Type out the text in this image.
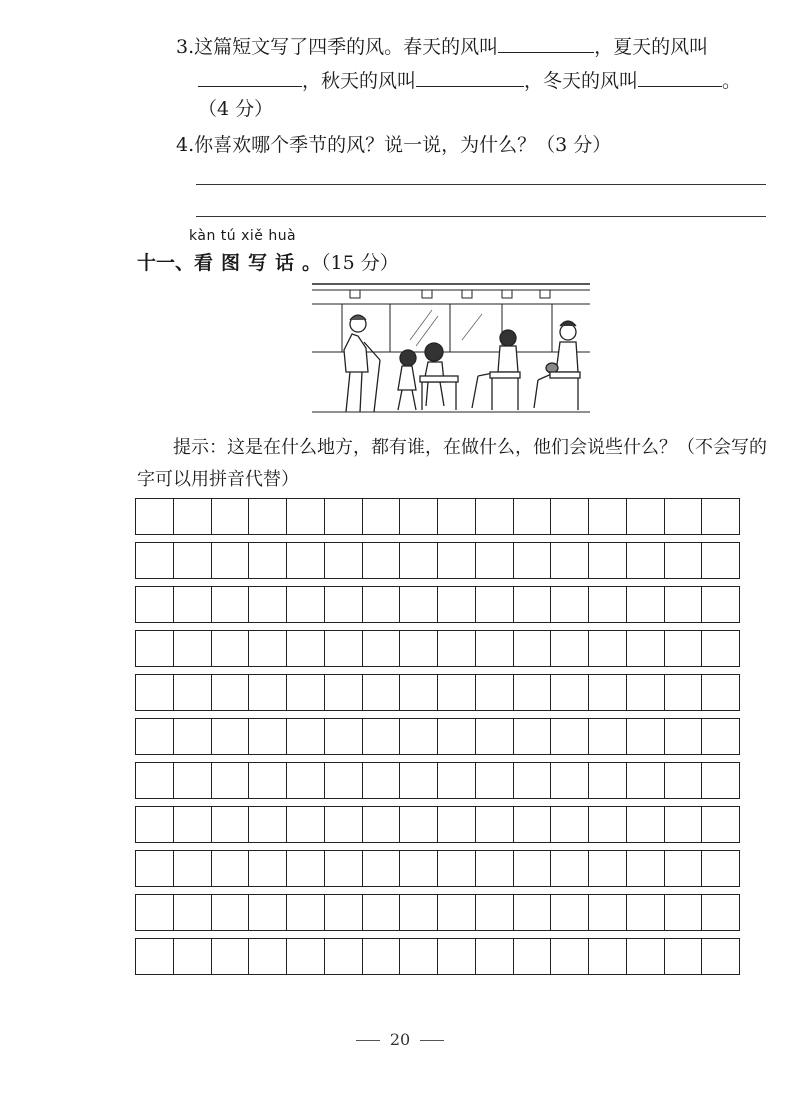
3.这篇短文写了四季的风。春天的风叫	，夏天的风叫
，秋天的风叫	，冬天的风叫	。
（4 分）
4.你喜欢哪个季节的风？说一说，为什么？（3 分）
kàn tú xiě huà
十一、看图写话。（15 分）
提示：这是在什么地方，都有谁，在做什么，他们会说些什么？（不会写的字可以用拼音代替）
20
